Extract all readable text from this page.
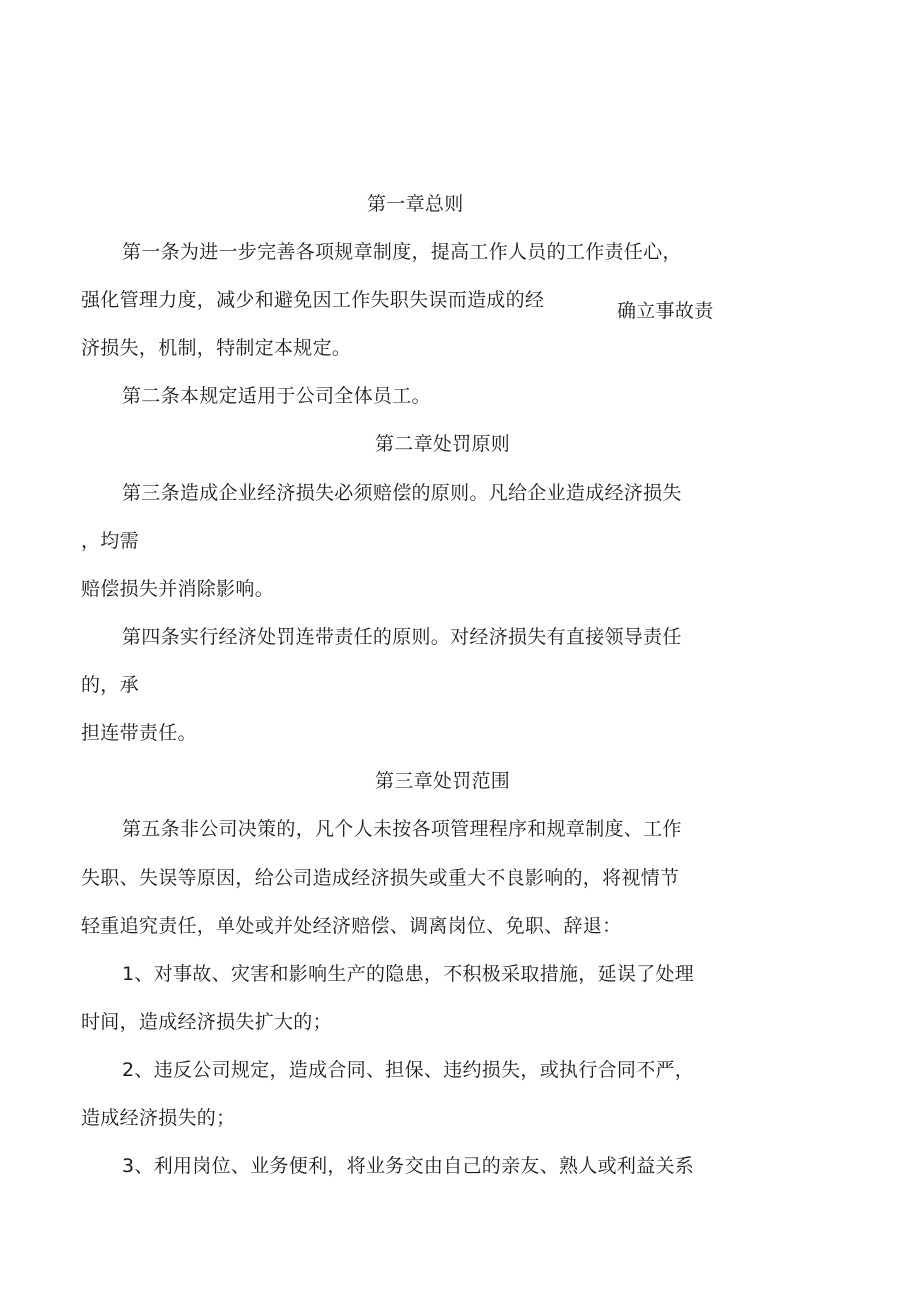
第一章总则
第一条为进一步完善各项规章制度，提高工作人员的工作责任心，
强化管理力度，减少和避免因工作失职失误而造成的经	确立事故责
济损失，机制，特制定本规定。
第二条本规定适用于公司全体员工。
第二章处罚原则
第三条造成企业经济损失必须赔偿的原则。凡给企业造成经济损失
，均需
赔偿损失并消除影响。
第四条实行经济处罚连带责任的原则。对经济损失有直接领导责任
的，承
担连带责任。
第三章处罚范围
第五条非公司决策的，凡个人未按各项管理程序和规章制度、工作
失职、失误等原因，给公司造成经济损失或重大不良影响的，将视情节
轻重追究责任，单处或并处经济赔偿、调离岗位、免职、辞退：
1、对事故、灾害和影响生产的隐患，不积极采取措施，延误了处理
时间，造成经济损失扩大的；
2、违反公司规定，造成合同、担保、违约损失，或执行合同不严，
造成经济损失的；
3、利用岗位、业务便利，将业务交由自己的亲友、熟人或利益关系
